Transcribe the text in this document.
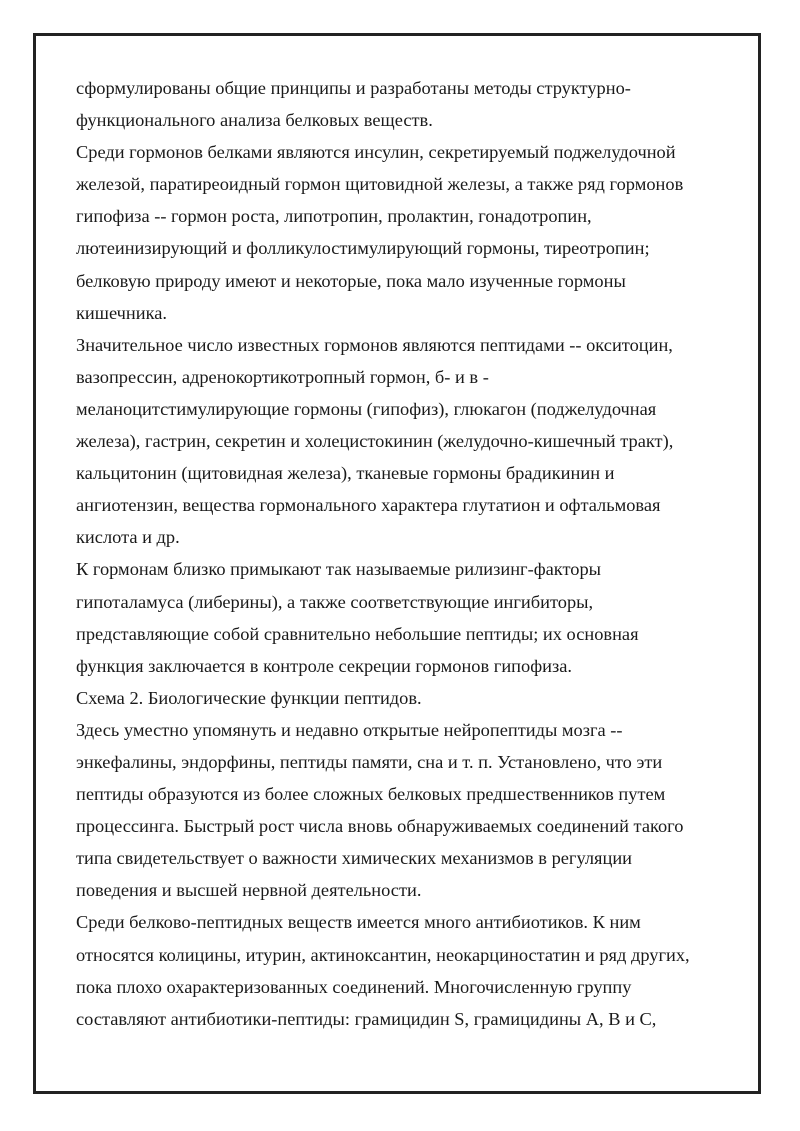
сформулированы общие принципы и разработаны методы структурно-
функционального анализа белковых веществ.
Среди гормонов белками являются инсулин, секретируемый поджелудочной
железой, паратиреоидный гормон щитовидной железы, а также ряд гормонов
гипофиза -- гормон роста, липотропин, пролактин, гонадотропин,
лютеинизирующий и фолликулостимулирующий гормоны, тиреотропин;
белковую природу имеют и некоторые, пока мало изученные гормоны
кишечника.
Значительное число известных гормонов являются пептидами -- окситоцин,
вазопрессин, адренокортикотропный гормон, б- и в -
меланоцитстимулирующие гормоны (гипофиз), глюкагон (поджелудочная
железа), гастрин, секретин и холецистокинин (желудочно-кишечный тракт),
кальцитонин (щитовидная железа), тканевые гормоны брадикинин и
ангиотензин, вещества гормонального характера глутатион и офтальмовая
кислота и др.
К гормонам близко примыкают так называемые рилизинг-факторы
гипоталамуса (либерины), а также соответствующие ингибиторы,
представляющие собой сравнительно небольшие пептиды; их основная
функция заключается в контроле секреции гормонов гипофиза.
Схема 2. Биологические функции пептидов.
Здесь уместно упомянуть и недавно открытые нейропептиды мозга --
энкефалины, эндорфины, пептиды памяти, сна и т. п. Установлено, что эти
пептиды образуются из более сложных белковых предшественников путем
процессинга. Быстрый рост числа вновь обнаруживаемых соединений такого
типа свидетельствует о важности химических механизмов в регуляции
поведения и высшей нервной деятельности.
Среди белково-пептидных веществ имеется много антибиотиков. К ним
относятся колицины, итурин, актиноксантин, неокарциностатин и ряд других,
пока плохо охарактеризованных соединений. Многочисленную группу
составляют антибиотики-пептиды: грамицидин S, грамицидины A, B и C,
